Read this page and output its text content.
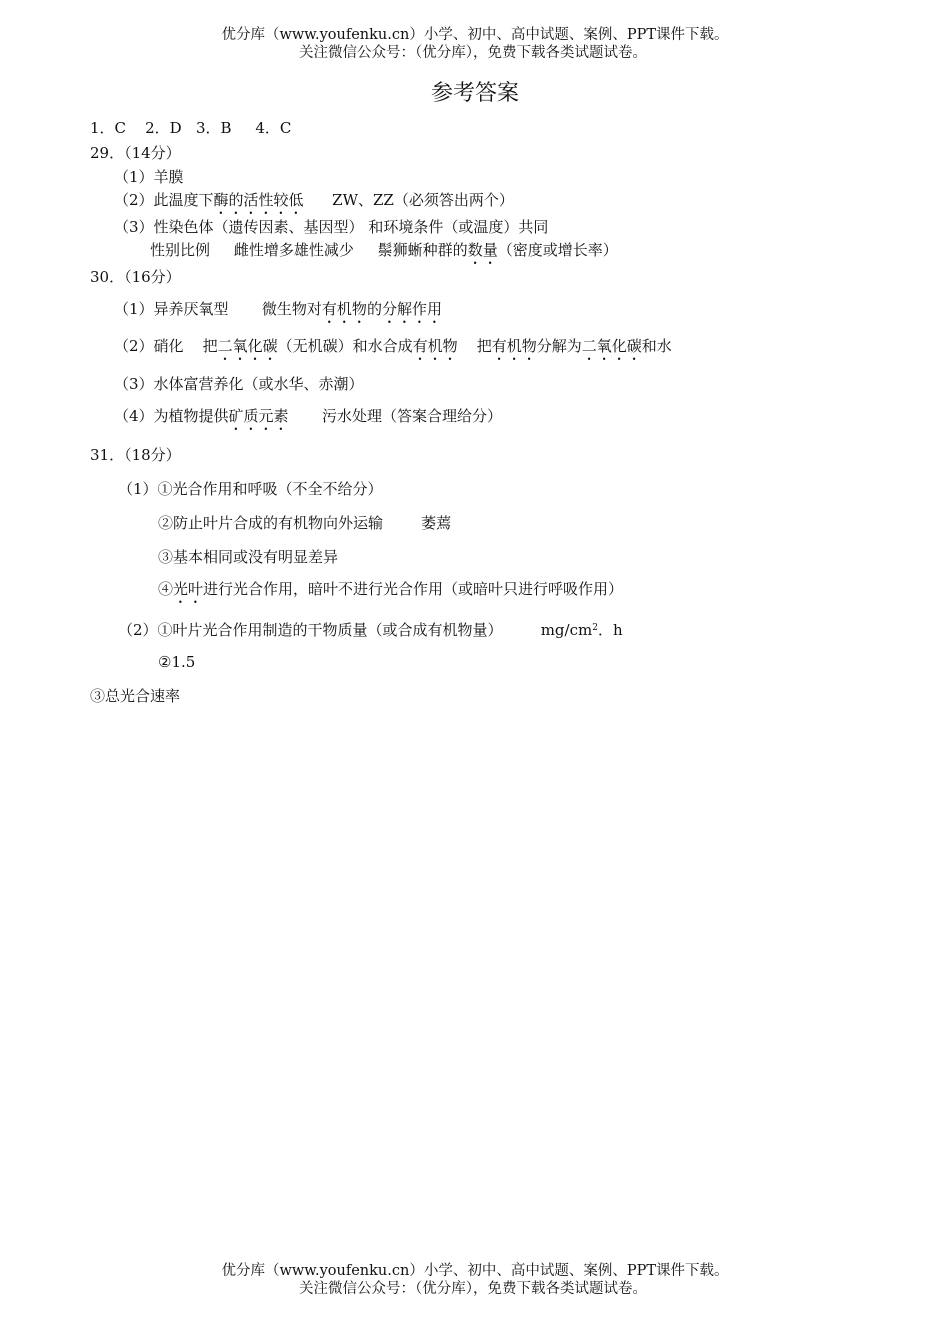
优分库（www.youfenku.cn）小学、初中、高中试题、案例、PPT课件下载。
关注微信公众号：（优分库），免费下载各类试题试卷。
参考答案
1．C    2．D   3．B     4．C
29．（14分）
（1）羊膜
（2）此温度下酶的活性较低      ZW、ZZ（必须答出两个）
（3）性染色体（遗传因素、基因型） 和环境条件（或温度）共同
性别比例     雌性增多雄性减少     鬃狮蜥种群的数量（密度或增长率）
30．（16分）
（1）异养厌氧型       微生物对有机物的分解作用
（2）硝化    把二氧化碳（无机碳）和水合成有机物    把有机物分解为二氧化碳和水
（3）水体富营养化（或水华、赤潮）
（4）为植物提供矿质元素       污水处理（答案合理给分）
31．（18分）
（1）①光合作用和呼吸（不全不给分）
②防止叶片合成的有机物向外运输        萎蔫
③基本相同或没有明显差异
④光叶进行光合作用，暗叶不进行光合作用（或暗叶只进行呼吸作用）
（2）①叶片光合作用制造的干物质量（或合成有机物量）        $mg/cm^2$．h
②1.5
③总光合速率
优分库（www.youfenku.cn）小学、初中、高中试题、案例、PPT课件下载。
关注微信公众号：（优分库），免费下载各类试题试卷。
